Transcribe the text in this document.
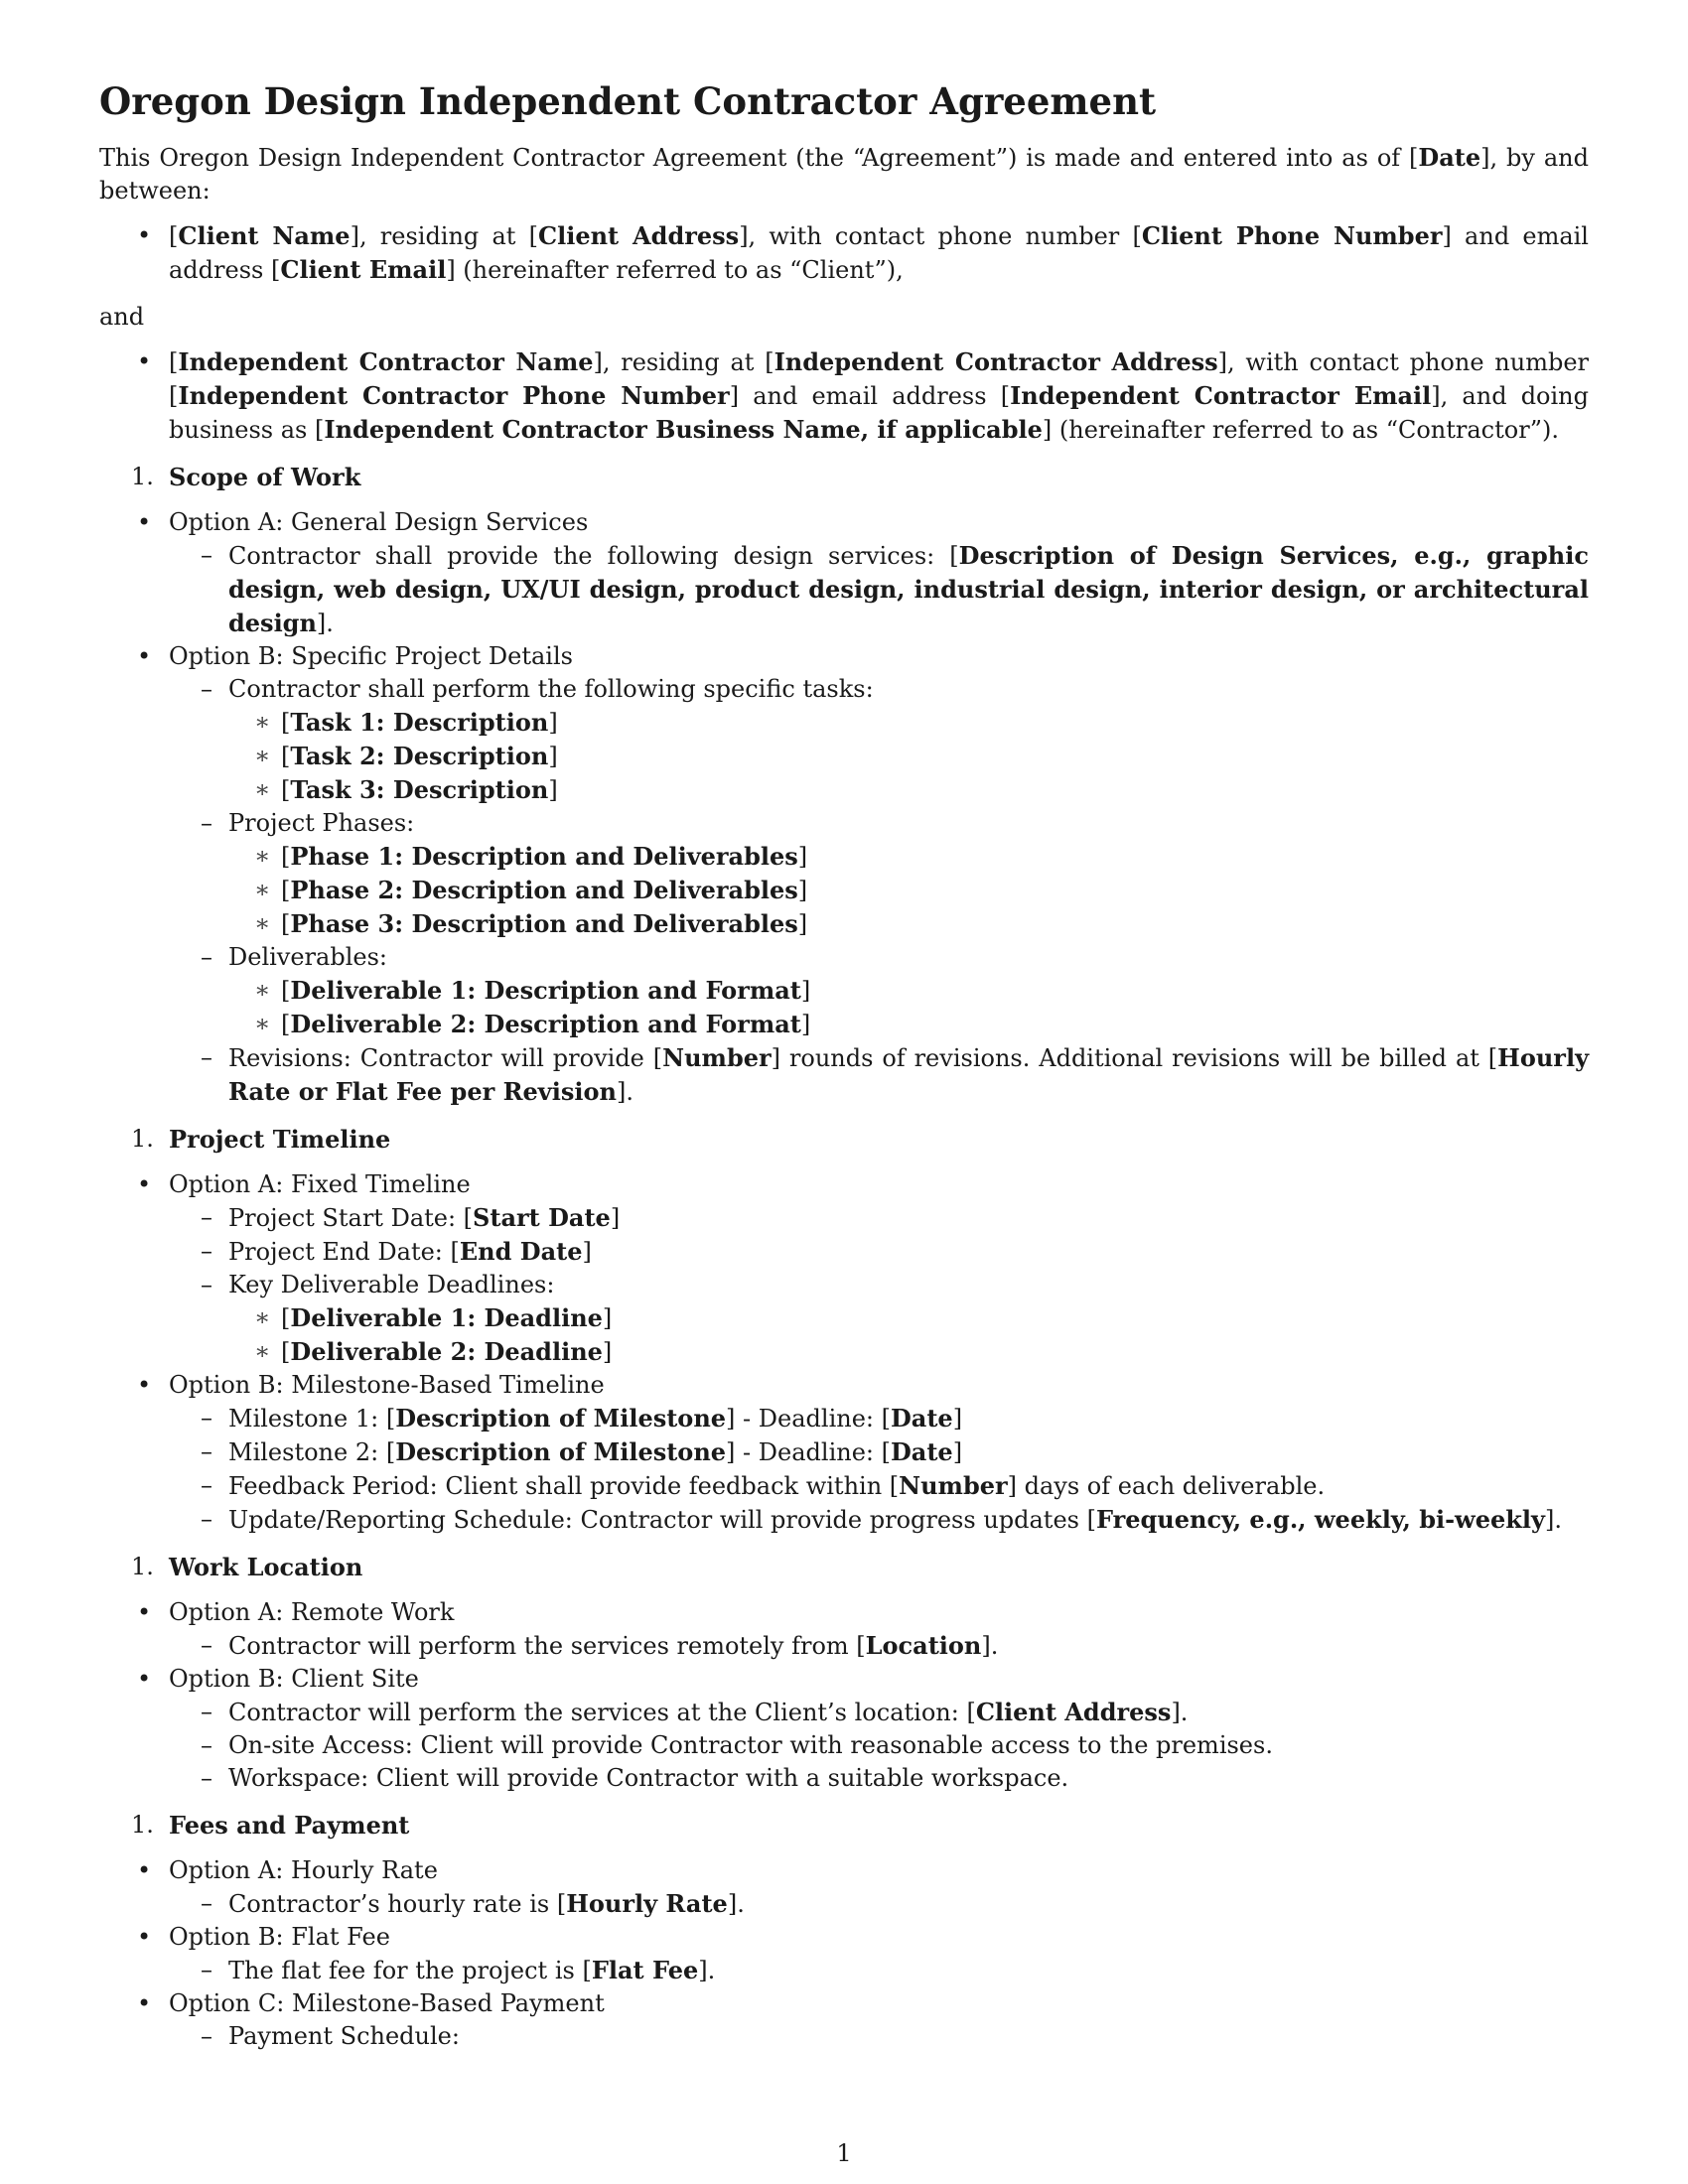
Oregon Design Independent Contractor Agreement

This Oregon Design Independent Contractor Agreement (the “Agreement”) is made and entered into as of [Date], by and between:

• [Client Name], residing at [Client Address], with contact phone number [Client Phone Number] and email address [Client Email] (hereinafter referred to as “Client”),

and

• [Independent Contractor Name], residing at [Independent Contractor Address], with contact phone number [Independent Contractor Phone Number] and email address [Independent Contractor Email], and doing business as [Independent Contractor Business Name, if applicable] (hereinafter referred to as “Contractor”).
1. Scope of Work
• Option A: General Design Services
– Contractor shall provide the following design services: [Description of Design Services, e.g., graphic design, web design, UX/UI design, product design, industrial design, interior design, or architectural design].
• Option B: Specific Project Details
– Contractor shall perform the following specific tasks:
∗ [Task 1: Description]
∗ [Task 2: Description]
∗ [Task 3: Description]
– Project Phases:
∗ [Phase 1: Description and Deliverables]
∗ [Phase 2: Description and Deliverables]
∗ [Phase 3: Description and Deliverables]
– Deliverables:
∗ [Deliverable 1: Description and Format]
∗ [Deliverable 2: Description and Format]
– Revisions: Contractor will provide [Number] rounds of revisions. Additional revisions will be billed at [Hourly Rate or Flat Fee per Revision].
1. Project Timeline
• Option A: Fixed Timeline
– Project Start Date: [Start Date]
– Project End Date: [End Date]
– Key Deliverable Deadlines:
∗ [Deliverable 1: Deadline]
∗ [Deliverable 2: Deadline]
• Option B: Milestone-Based Timeline
– Milestone 1: [Description of Milestone] - Deadline: [Date]
– Milestone 2: [Description of Milestone] - Deadline: [Date]
– Feedback Period: Client shall provide feedback within [Number] days of each deliverable.
– Update/Reporting Schedule: Contractor will provide progress updates [Frequency, e.g., weekly, bi-weekly].
1. Work Location
• Option A: Remote Work
– Contractor will perform the services remotely from [Location].
• Option B: Client Site
– Contractor will perform the services at the Client’s location: [Client Address].
– On-site Access: Client will provide Contractor with reasonable access to the premises.
– Workspace: Client will provide Contractor with a suitable workspace.
1. Fees and Payment
• Option A: Hourly Rate
– Contractor’s hourly rate is [Hourly Rate].
• Option B: Flat Fee
– The flat fee for the project is [Flat Fee].
• Option C: Milestone-Based Payment
– Payment Schedule:
1
